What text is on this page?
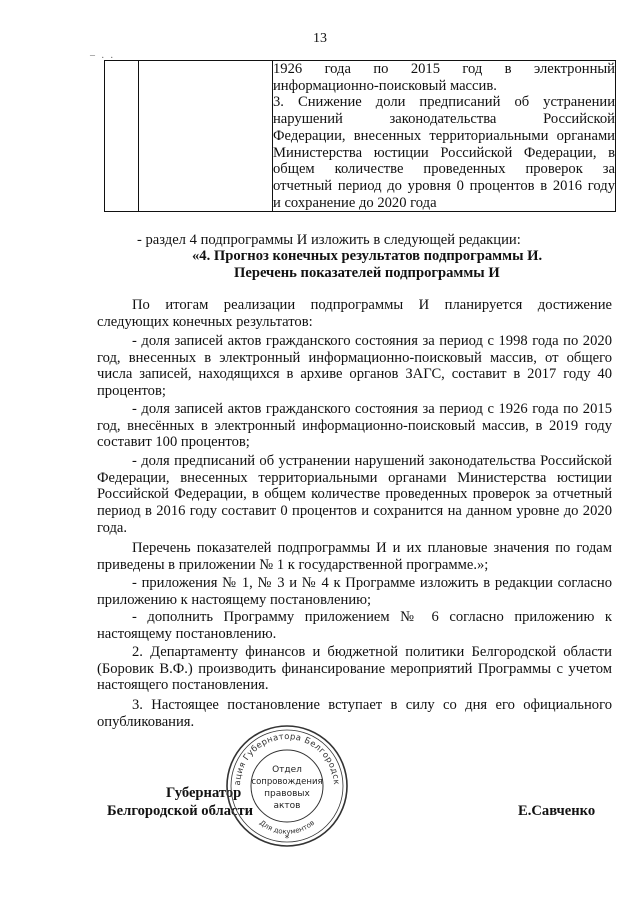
13
– . .

1926 года по 2015 год в электронный

информационно-поисковый массив.

3. Снижение доли предписаний об устранении

нарушений законодательства Российской

Федерации, внесенных территориальными органами

Министерства юстиции Российской Федерации, в

общем количестве проведенных проверок за

отчетный период до уровня 0 процентов в 2016 году

и сохранение до 2020 года

- раздел 4 подпрограммы И изложить в следующей редакции:
«4. Прогноз конечных результатов подпрограммы И.
Перечень показателей подпрограммы И
По итогам реализации подпрограммы И планируется достижение следующих конечных результатов:
- доля записей актов гражданского состояния за период с 1998 года по 2020 год, внесенных в электронный информационно-поисковый массив, от общего числа записей, находящихся в архиве органов ЗАГС, составит в 2017 году 40 процентов;
- доля записей актов гражданского состояния за период с 1926 года по 2015 год, внесённых в электронный информационно-поисковый массив, в 2019 году составит 100 процентов;
- доля предписаний об устранении нарушений законодательства Российской Федерации, внесенных территориальными органами Министерства юстиции Российской Федерации, в общем количестве проведенных проверок за отчетный период в 2016 году составит 0 процентов и сохранится на данном уровне до 2020 года.
Перечень показателей подпрограммы И и их плановые значения по годам приведены в приложении № 1 к государственной программе.»;
- приложения № 1, № 3 и № 4 к Программе изложить в редакции согласно приложению к настоящему постановлению;
- дополнить Программу приложением № 6 согласно приложению к настоящему постановлению.
2. Департаменту финансов и бюджетной политики Белгородской области (Боровик В.Ф.) производить финансирование мероприятий Программы с учетом настоящего постановления.
3. Настоящее постановление вступает в силу со дня его официального опубликования.
Губернатор
Белгородской области	Е.Савченко
ация Губернатора Белгородск
Для документов
Отдел
сопровождения
правовых
актов
*
